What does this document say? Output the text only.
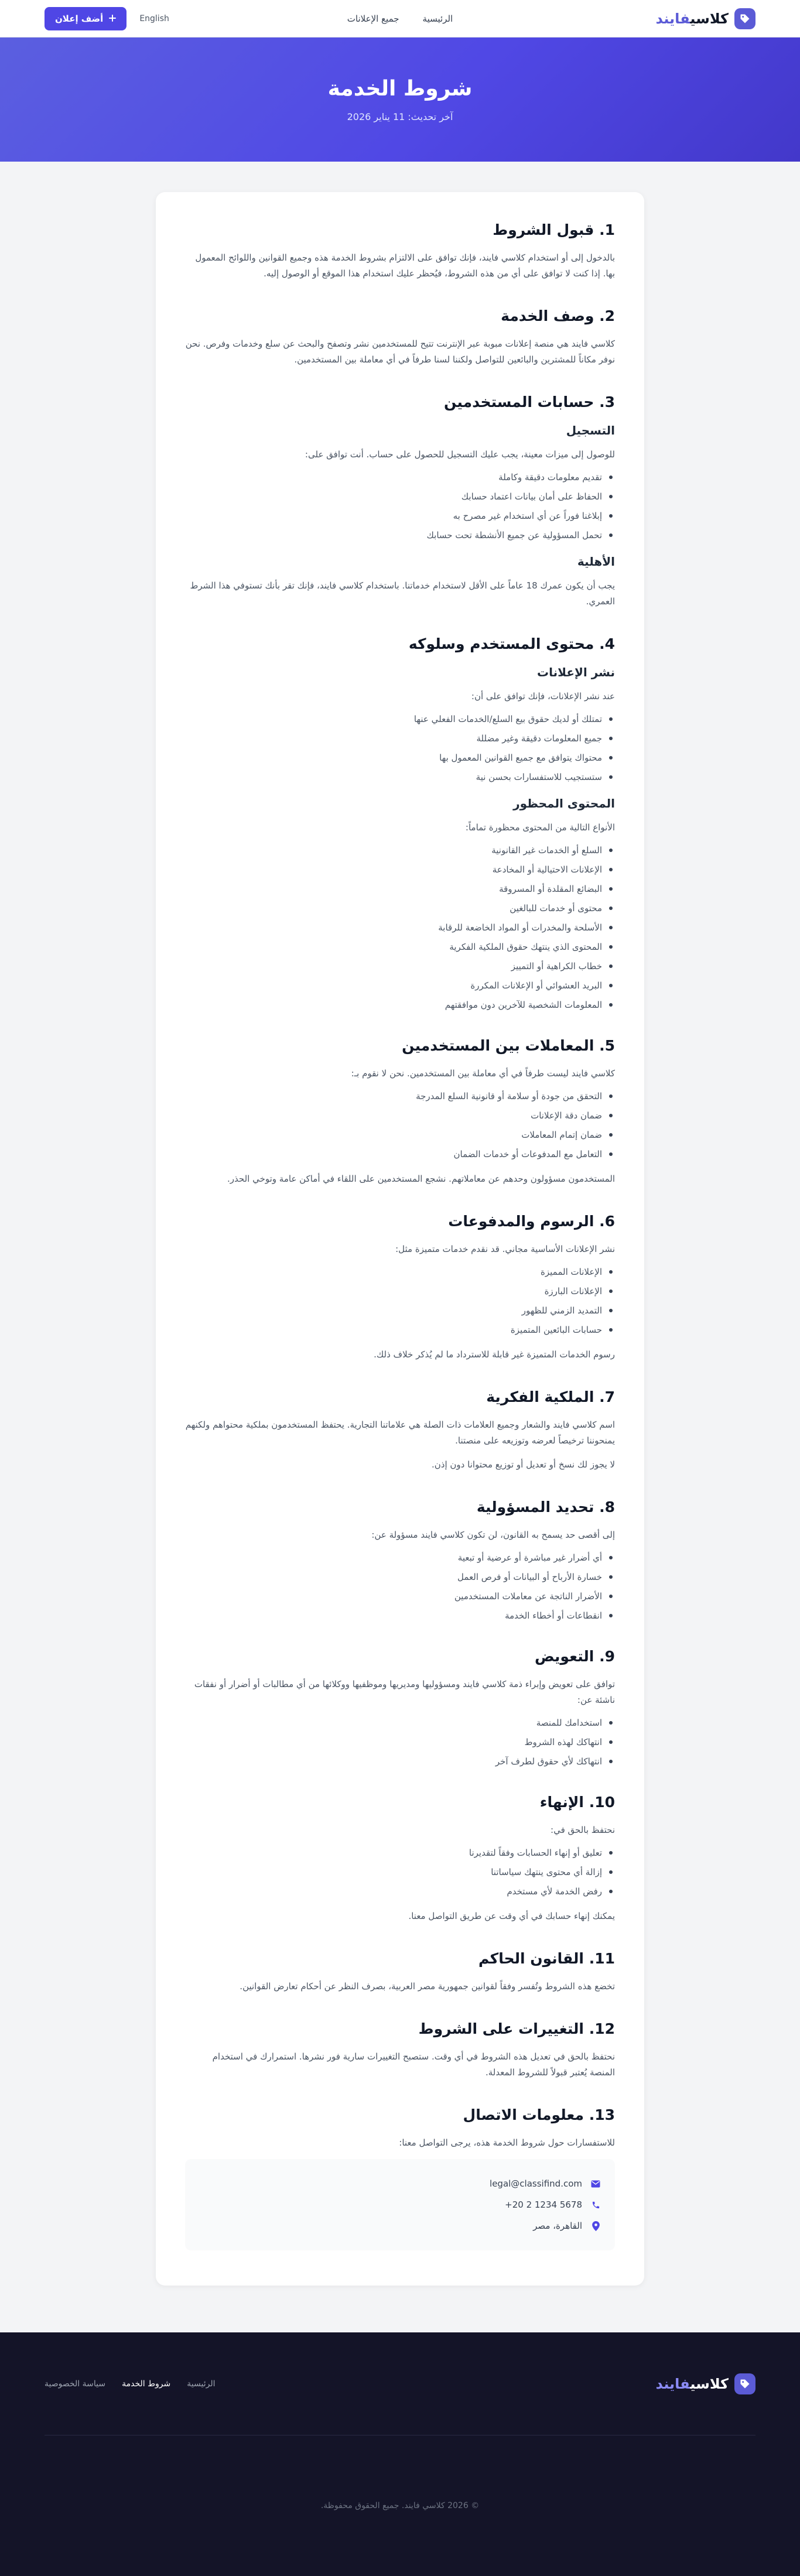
كلاسيفايند
الرئيسية
جميع الإعلانات
English
أضف إعلان
شروط الخدمة

آخر تحديث: 11 يناير 2026

1. قبول الشروط

بالدخول إلى أو استخدام كلاسي فايند، فإنك توافق على الالتزام بشروط الخدمة هذه وجميع القوانين واللوائح المعمول بها. إذا كنت لا توافق على أي من هذه الشروط، فيُحظر عليك استخدام هذا الموقع أو الوصول إليه.

2. وصف الخدمة

كلاسي فايند هي منصة إعلانات مبوبة عبر الإنترنت تتيح للمستخدمين نشر وتصفح والبحث عن سلع وخدمات وفرص. نحن نوفر مكاناً للمشترين والبائعين للتواصل ولكننا لسنا طرفاً في أي معاملة بين المستخدمين.

3. حسابات المستخدمين
التسجيل

للوصول إلى ميزات معينة، يجب عليك التسجيل للحصول على حساب. أنت توافق على:

تقديم معلومات دقيقة وكاملة
الحفاظ على أمان بيانات اعتماد حسابك
إبلاغنا فوراً عن أي استخدام غير مصرح به
تحمل المسؤولية عن جميع الأنشطة تحت حسابك
الأهلية

يجب أن يكون عمرك 18 عاماً على الأقل لاستخدام خدماتنا. باستخدام كلاسي فايند، فإنك تقر بأنك تستوفي هذا الشرط العمري.

4. محتوى المستخدم وسلوكه
نشر الإعلانات

عند نشر الإعلانات، فإنك توافق على أن:

تمتلك أو لديك حقوق بيع السلع/الخدمات الفعلي عنها
جميع المعلومات دقيقة وغير مضللة
محتواك يتوافق مع جميع القوانين المعمول بها
ستستجيب للاستفسارات بحسن نية
المحتوى المحظور

الأنواع التالية من المحتوى محظورة تماماً:

السلع أو الخدمات غير القانونية
الإعلانات الاحتيالية أو المخادعة
البضائع المقلدة أو المسروقة
محتوى أو خدمات للبالغين
الأسلحة والمخدرات أو المواد الخاضعة للرقابة
المحتوى الذي ينتهك حقوق الملكية الفكرية
خطاب الكراهية أو التمييز
البريد العشوائي أو الإعلانات المكررة
المعلومات الشخصية للآخرين دون موافقتهم
5. المعاملات بين المستخدمين

كلاسي فايند ليست طرفاً في أي معاملة بين المستخدمين. نحن لا نقوم بـ:

التحقق من جودة أو سلامة أو قانونية السلع المدرجة
ضمان دقة الإعلانات
ضمان إتمام المعاملات
التعامل مع المدفوعات أو خدمات الضمان

المستخدمون مسؤولون وحدهم عن معاملاتهم. نشجع المستخدمين على اللقاء في أماكن عامة وتوخي الحذر.

6. الرسوم والمدفوعات

نشر الإعلانات الأساسية مجاني. قد نقدم خدمات متميزة مثل:

الإعلانات المميزة
الإعلانات البارزة
التمديد الزمني للظهور
حسابات البائعين المتميزة

رسوم الخدمات المتميزة غير قابلة للاسترداد ما لم يُذكر خلاف ذلك.

7. الملكية الفكرية

اسم كلاسي فايند والشعار وجميع العلامات ذات الصلة هي علاماتنا التجارية. يحتفظ المستخدمون بملكية محتواهم ولكنهم يمنحوننا ترخيصاً لعرضه وتوزيعه على منصتنا.

لا يجوز لك نسخ أو تعديل أو توزيع محتوانا دون إذن.

8. تحديد المسؤولية

إلى أقصى حد يسمح به القانون، لن تكون كلاسي فايند مسؤولة عن:

أي أضرار غير مباشرة أو عرضية أو تبعية
خسارة الأرباح أو البيانات أو فرص العمل
الأضرار الناتجة عن معاملات المستخدمين
انقطاعات أو أخطاء الخدمة
9. التعويض

توافق على تعويض وإبراء ذمة كلاسي فايند ومسؤوليها ومديريها وموظفيها ووكلائها من أي مطالبات أو أضرار أو نفقات ناشئة عن:

استخدامك للمنصة
انتهاكك لهذه الشروط
انتهاكك لأي حقوق لطرف آخر
10. الإنهاء

نحتفظ بالحق في:

تعليق أو إنهاء الحسابات وفقاً لتقديرنا
إزالة أي محتوى ينتهك سياساتنا
رفض الخدمة لأي مستخدم

يمكنك إنهاء حسابك في أي وقت عن طريق التواصل معنا.

11. القانون الحاكم

تخضع هذه الشروط وتُفسر وفقاً لقوانين جمهورية مصر العربية، بصرف النظر عن أحكام تعارض القوانين.

12. التغييرات على الشروط

نحتفظ بالحق في تعديل هذه الشروط في أي وقت. ستصبح التغييرات سارية فور نشرها. استمرارك في استخدام المنصة يُعتبر قبولاً للشروط المعدلة.

13. معلومات الاتصال

للاستفسارات حول شروط الخدمة هذه، يرجى التواصل معنا:

legal@classifind.com
+20 2 1234 5678
القاهرة، مصر
كلاسيفايند
الرئيسية
شروط الخدمة
سياسة الخصوصية
© 2026 كلاسي فايند. جميع الحقوق محفوظة.
